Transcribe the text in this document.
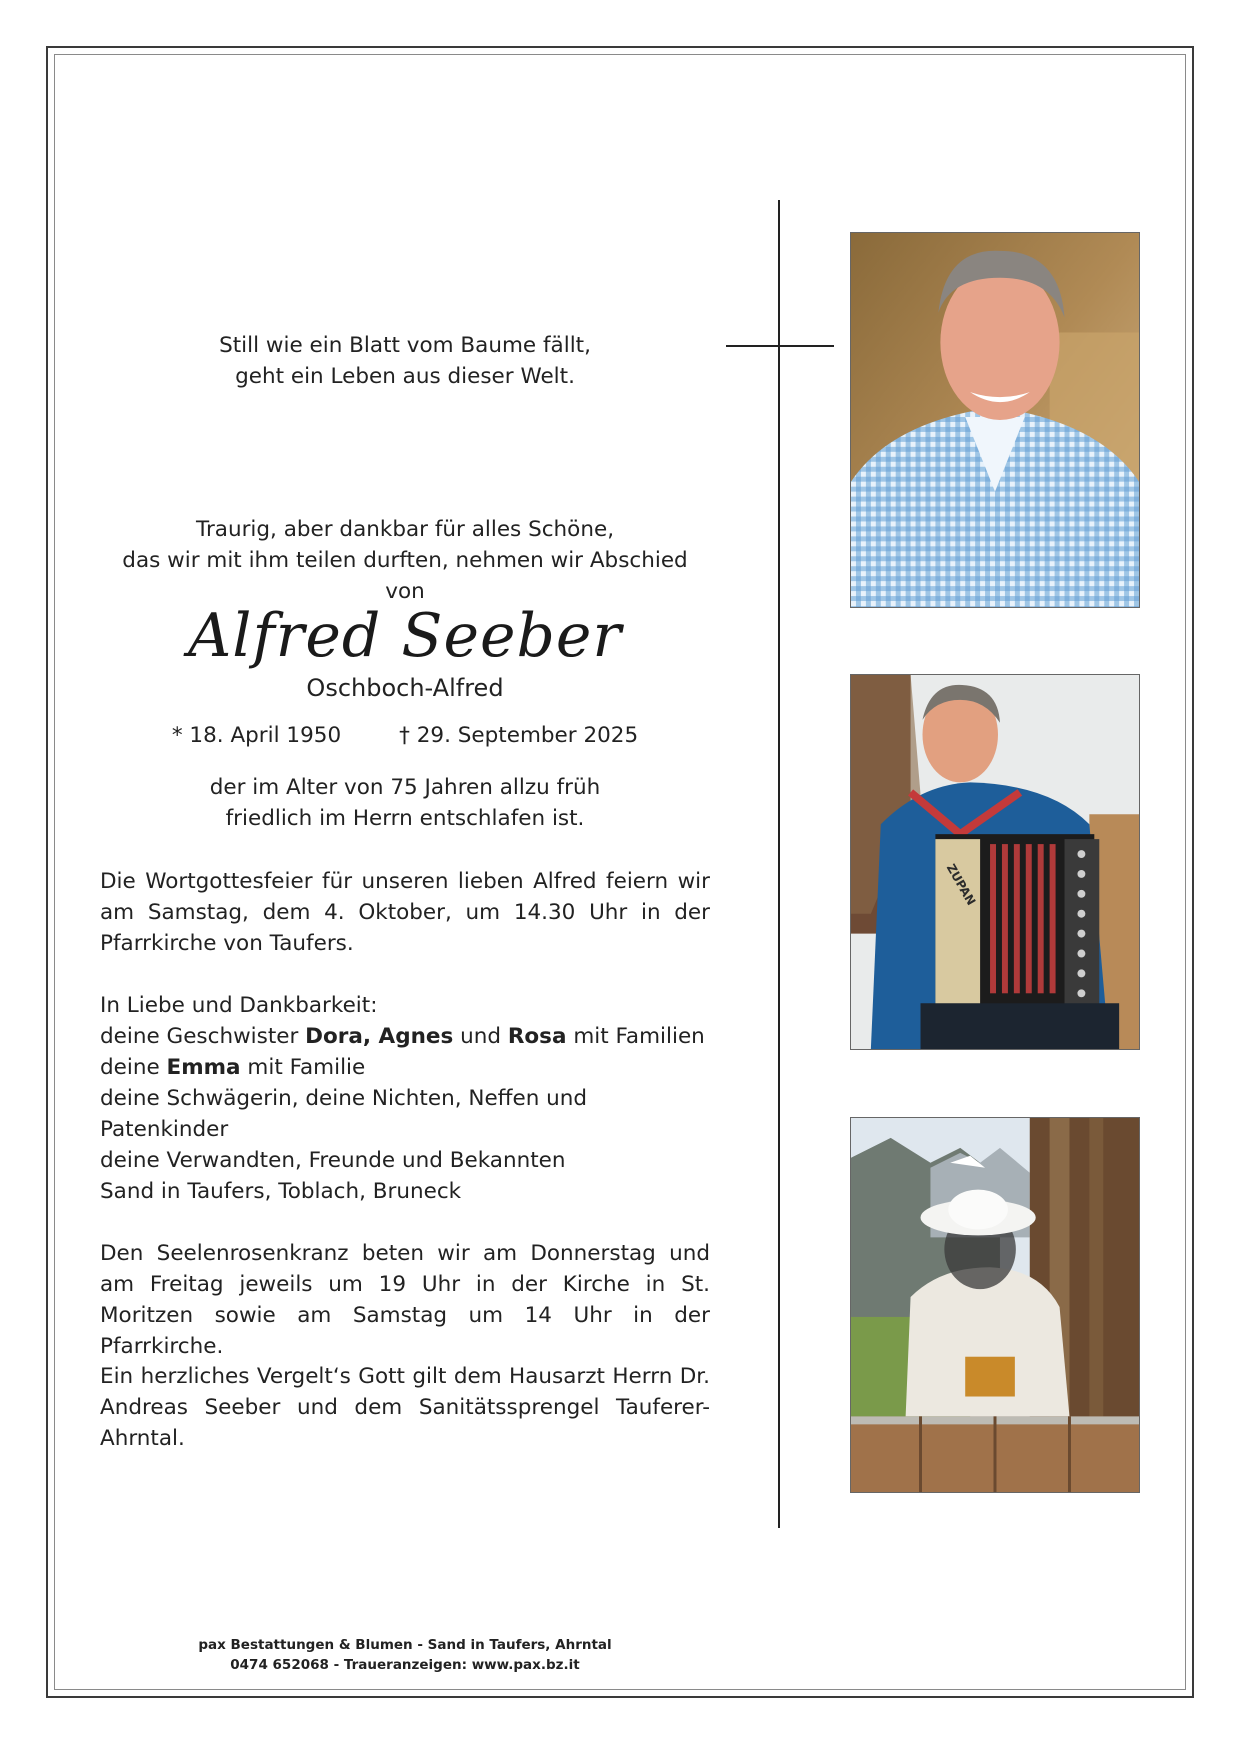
Still wie ein Blatt vom Baume fällt,
geht ein Leben aus dieser Welt.
Traurig, aber dankbar für alles Schöne,
das wir mit ihm teilen durften, nehmen wir Abschied von
Alfred Seeber
Oschboch-Alfred
* 18. April 1950	† 29. September 2025
der im Alter von 75 Jahren allzu früh
friedlich im Herrn entschlafen ist.
Die Wortgottesfeier für unseren lieben Alfred feiern wir am Samstag, dem 4. Oktober, um 14.30 Uhr in der Pfarrkirche von Taufers.
In Liebe und Dankbarkeit:
deine Geschwister Dora, Agnes und Rosa mit Familien
deine Emma mit Familie
deine Schwägerin, deine Nichten, Neffen und Patenkinder
deine Verwandten, Freunde und Bekannten
Sand in Taufers, Toblach, Bruneck
Den Seelenrosenkranz beten wir am Donnerstag und am Freitag jeweils um 19 Uhr in der Kirche in St. Moritzen sowie am Samstag um 14 Uhr in der Pfarrkirche.
Ein herzliches Vergelt‘s Gott gilt dem Hausarzt Herrn Dr. Andreas Seeber und dem Sanitätssprengel Tauferer-Ahrntal.
ZUPAN
pax Bestattungen & Blumen - Sand in Taufers, Ahrntal
0474 652068 - Traueranzeigen: www.pax.bz.it
